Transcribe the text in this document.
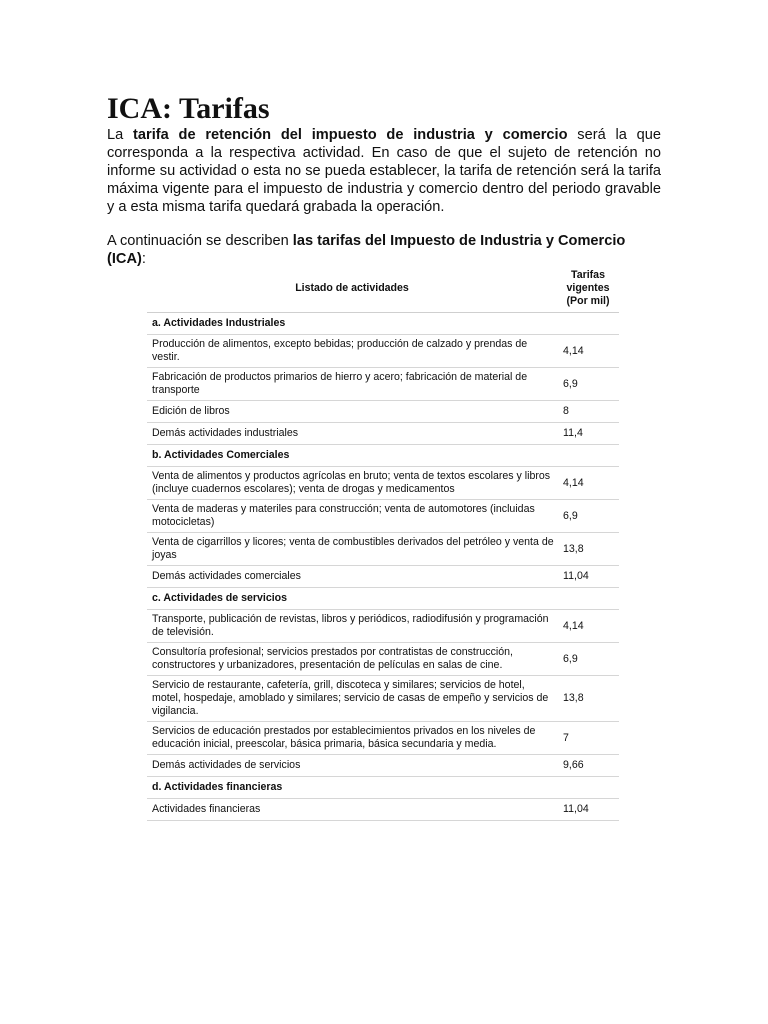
ICA: Tarifas

La tarifa de retención del impuesto de industria y comercio será la que corresponda a la respectiva actividad. En caso de que el sujeto de retención no informe su actividad o esta no se pueda establecer, la tarifa de retención será la tarifa máxima vigente para el impuesto de industria y comercio dentro del periodo gravable y a esta misma tarifa quedará grabada la operación.

A continuación se describen las tarifas del Impuesto de Industria y Comercio (ICA):

Listado de actividades	Tarifas
vigentes
(Por mil)

a. Actividades Industriales	
Producción de alimentos, excepto bebidas; producción de calzado y prendas de vestir.	4,14
Fabricación de productos primarios de hierro y acero; fabricación de material de transporte	6,9
Edición de libros	8
Demás actividades industriales	11,4
b. Actividades Comerciales	
Venta de alimentos y productos agrícolas en bruto; venta de textos escolares y libros (incluye cuadernos escolares); venta de drogas y medicamentos	4,14
Venta de maderas y materiles para construcción; venta de automotores (incluidas motocicletas)	6,9
Venta de cigarrillos y licores; venta de combustibles derivados del petróleo y venta de joyas	13,8
Demás actividades comerciales	11,04
c. Actividades de servicios	
Transporte, publicación de revistas, libros y periódicos, radiodifusión y programación de televisión.	4,14
Consultoría profesional; servicios prestados por contratistas de construcción, constructores y urbanizadores, presentación de películas en salas de cine.	6,9
Servicio de restaurante, cafetería, grill, discoteca y similares; servicios de hotel, motel, hospedaje, amoblado y similares; servicio de casas de empeño y servicios de vigilancia.	13,8
Servicios de educación prestados por establecimientos privados en los niveles de educación inicial, preescolar, básica primaria, básica secundaria y media.	7
Demás actividades de servicios	9,66
d. Actividades financieras	
Actividades financieras	11,04
